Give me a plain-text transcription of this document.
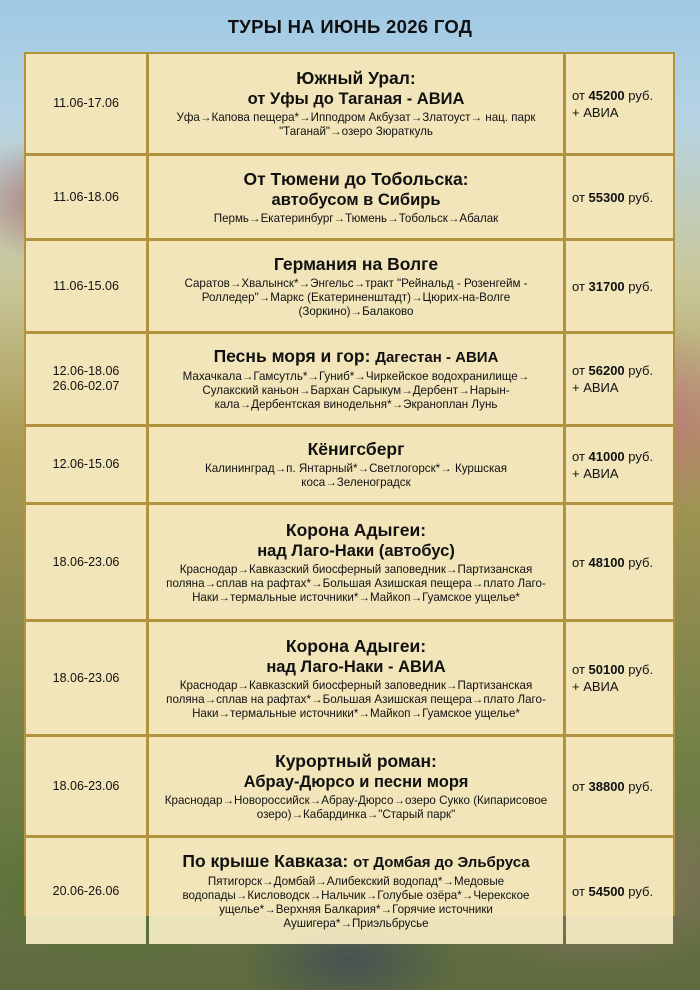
ТУРЫ НА ИЮНЬ 2026 ГОД
11.06-17.06
Южный Урал:
от Уфы до Таганая - АВИА
Уфа→Капова пещера*→Ипподром Акбузат→Златоуст→ нац. парк "Таганай"→озеро Зюраткуль
от 45200 руб.
+ АВИА
11.06-18.06
От Тюмени до Тобольска:
автобусом в Сибирь
Пермь→Екатеринбург→Тюмень→Тобольск→Абалак
от 55300 руб.
11.06-15.06
Германия на Волге
Саратов→Хвалынск*→Энгельс→тракт "Рейнальд - Розенгейм - Ролледер"→Маркс (Екатериненштадт)→Цюрих-на-Волге (Зоркино)→Балаково
от 31700 руб.
12.06-18.06
26.06-02.07
Песнь моря и гор: Дагестан - АВИА
Махачкала→Гамсутль*→Гуниб*→Чиркейское водохранилище→ Сулакский каньон→Бархан Сарыкум→Дербент→Нарын-кала→Дербентская винодельня*→Экраноплан Лунь
от 56200 руб.
+ АВИА
12.06-15.06
Кёнигсберг
Калининград→п. Янтарный*→Светлогорск*→ Куршская коса→Зеленоградск
от 41000 руб.
+ АВИА
18.06-23.06
Корона Адыгеи:
над Лаго-Наки (автобус)
Краснодар→Кавказский биосферный заповедник→Партизанская поляна→сплав на рафтах*→Большая Азишская пещера→плато Лаго-Наки→термальные источники*→Майкоп→Гуамское ущелье*
от 48100 руб.
18.06-23.06
Корона Адыгеи:
над Лаго-Наки - АВИА
Краснодар→Кавказский биосферный заповедник→Партизанская поляна→сплав на рафтах*→Большая Азишская пещера→плато Лаго-Наки→термальные источники*→Майкоп→Гуамское ущелье*
от 50100 руб.
+ АВИА
18.06-23.06
Курортный роман:
Абрау-Дюрсо и песни моря
Краснодар→Новороссийск→Абрау-Дюрсо→озеро Сукко (Кипарисовое озеро)→Кабардинка→"Старый парк"
от 38800 руб.
20.06-26.06
По крыше Кавказа: от Домбая до Эльбруса
Пятигорск→Домбай→Алибекский водопад*→Медовые водопады→Кисловодск→Нальчик→Голубые озёра*→Черекское ущелье*→Верхняя Балкария*→Горячие источники Аушигера*→Приэльбрусье
от 54500 руб.
